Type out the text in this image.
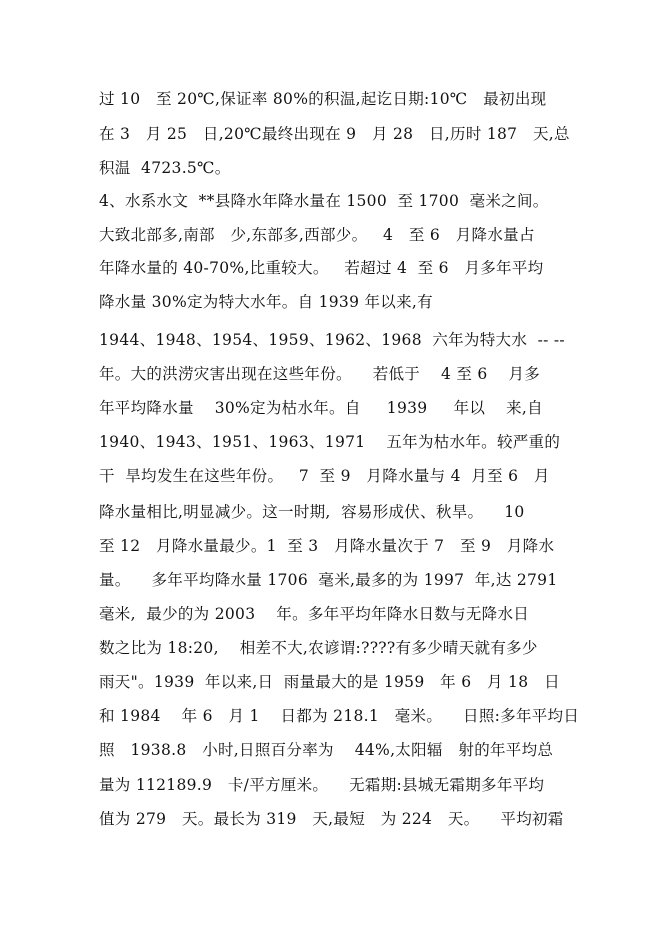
过 10   至 20℃,保证率 80%的积温,起讫日期:10℃   最初出现
在 3   月 25   日,20℃最终出现在 9   月 28   日,历时 187   天,总
积温  4723.5℃。
4、水系水文  **县降水年降水量在 1500  至 1700  毫米之间。
大致北部多,南部   少,东部多,西部少。   4   至 6   月降水量占
年降水量的 40-70%,比重较大。   若超过 4  至 6   月多年平均
降水量 30%定为特大水年。自 1939 年以来,有
1944、1948、1954、1959、1962、1968  六年为特大水  -- --
年。大的洪涝灾害出现在这些年份。    若低于    4 至 6    月多
年平均降水量    30%定为枯水年。自     1939     年以    来,自
1940、1943、1951、1963、1971    五年为枯水年。较严重的
干  旱均发生在这些年份。   7  至 9   月降水量与 4  月至 6   月
降水量相比,明显减少。这一时期,  容易形成伏、秋旱。    10
至 12   月降水量最少。1  至 3   月降水量次于 7   至 9   月降水
量。    多年平均降水量 1706  毫米,最多的为 1997  年,达 2791
毫米,  最少的为 2003    年。多年平均年降水日数与无降水日
数之比为 18:20,    相差不大,农谚谓:????有多少晴天就有多少
雨天"。1939  年以来,日  雨量最大的是 1959   年 6   月 18   日
和 1984    年 6   月 1    日都为 218.1   毫米。    日照:多年平均日
照   1938.8   小时,日照百分率为    44%,太阳辐   射的年平均总
量为 112189.9   卡/平方厘米。    无霜期:县城无霜期多年平均
值为 279   天。最长为 319   天,最短   为 224   天。    平均初霜
